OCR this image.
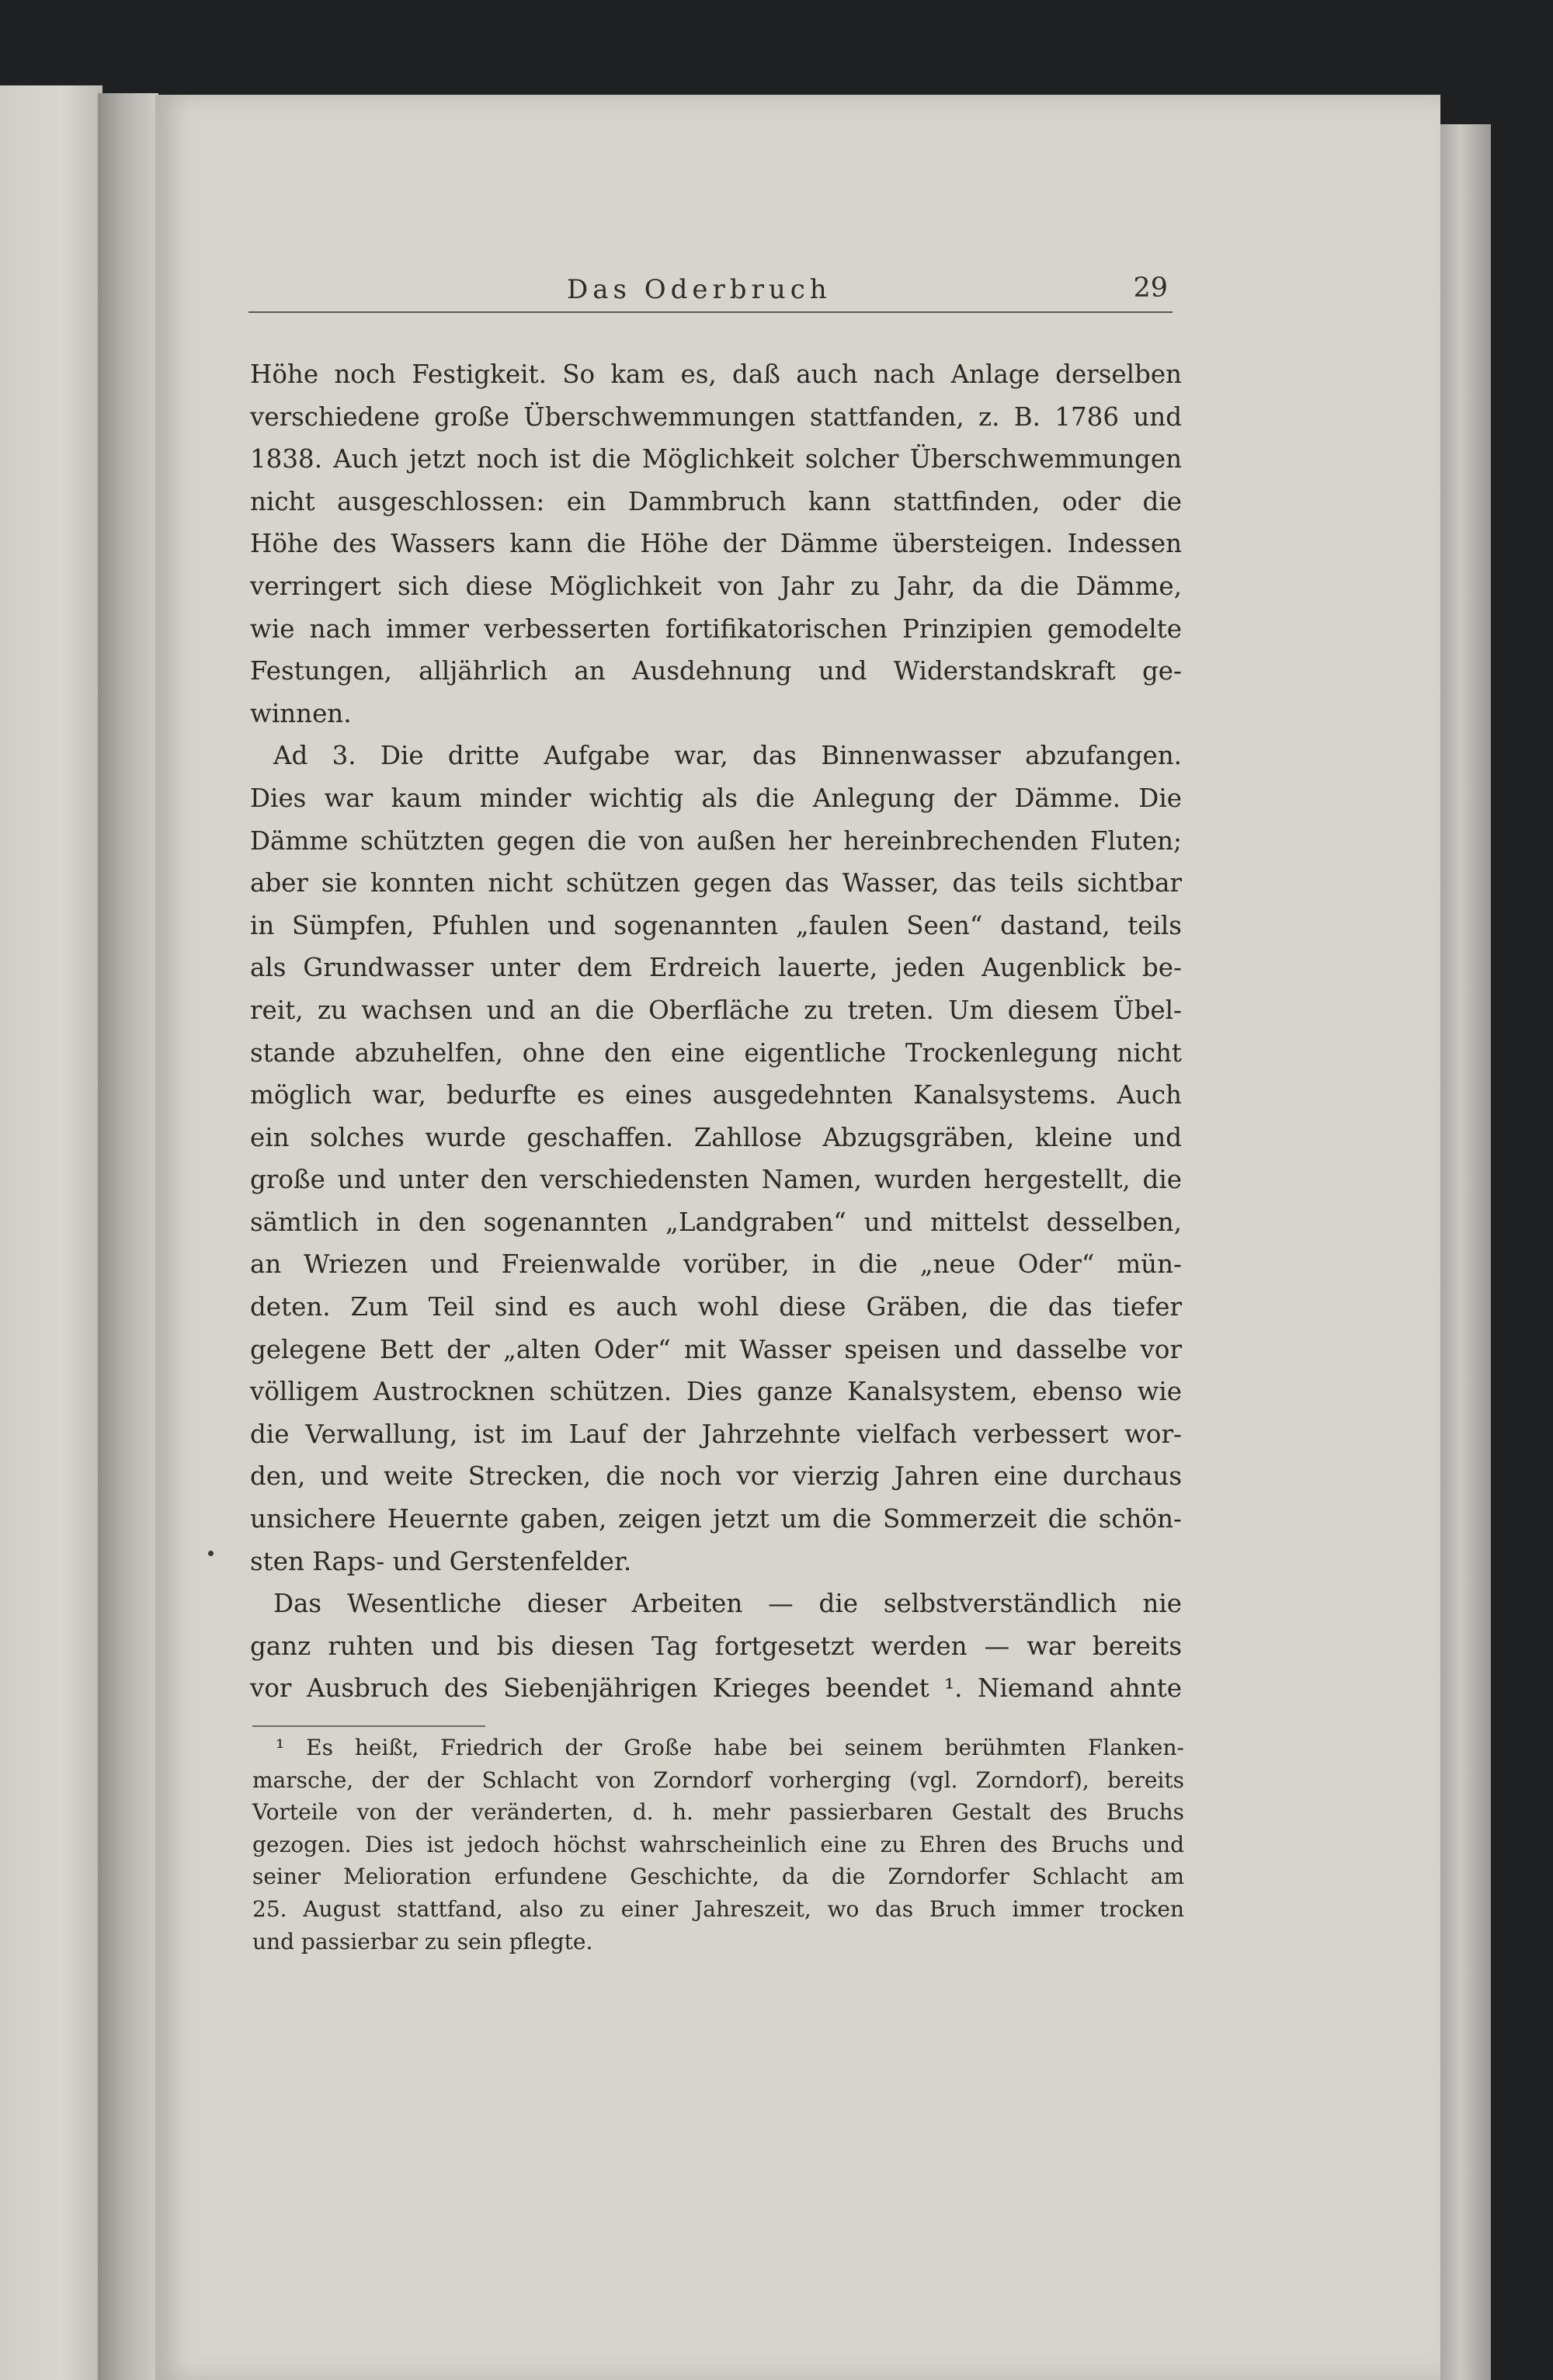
Das Oderbruch	29
Höhe noch Festigkeit. So kam es, daß auch nach Anlage derselben
verschiedene große Überschwemmungen stattfanden, z. B. 1786 und
1838. Auch jetzt noch ist die Möglichkeit solcher Überschwemmungen
nicht ausgeschlossen: ein Dammbruch kann stattfinden, oder die
Höhe des Wassers kann die Höhe der Dämme übersteigen. Indessen
verringert sich diese Möglichkeit von Jahr zu Jahr, da die Dämme,
wie nach immer verbesserten fortifikatorischen Prinzipien gemodelte
Festungen, alljährlich an Ausdehnung und Widerstandskraft ge-
winnen.
Ad 3. Die dritte Aufgabe war, das Binnenwasser abzufangen.
Dies war kaum minder wichtig als die Anlegung der Dämme. Die
Dämme schützten gegen die von außen her hereinbrechenden Fluten;
aber sie konnten nicht schützen gegen das Wasser, das teils sichtbar
in Sümpfen, Pfuhlen und sogenannten „faulen Seen“ dastand, teils
als Grundwasser unter dem Erdreich lauerte, jeden Augenblick be-
reit, zu wachsen und an die Oberfläche zu treten. Um diesem Übel-
stande abzuhelfen, ohne den eine eigentliche Trockenlegung nicht
möglich war, bedurfte es eines ausgedehnten Kanalsystems. Auch
ein solches wurde geschaffen. Zahllose Abzugsgräben, kleine und
große und unter den verschiedensten Namen, wurden hergestellt, die
sämtlich in den sogenannten „Landgraben“ und mittelst desselben,
an Wriezen und Freienwalde vorüber, in die „neue Oder“ mün-
deten. Zum Teil sind es auch wohl diese Gräben, die das tiefer
gelegene Bett der „alten Oder“ mit Wasser speisen und dasselbe vor
völligem Austrocknen schützen. Dies ganze Kanalsystem, ebenso wie
die Verwallung, ist im Lauf der Jahrzehnte vielfach verbessert wor-
den, und weite Strecken, die noch vor vierzig Jahren eine durchaus
unsichere Heuernte gaben, zeigen jetzt um die Sommerzeit die schön-
sten Raps- und Gerstenfelder.
Das Wesentliche dieser Arbeiten — die selbstverständlich nie
ganz ruhten und bis diesen Tag fortgesetzt werden — war bereits
vor Ausbruch des Siebenjährigen Krieges beendet ¹. Niemand ahnte
¹ Es heißt, Friedrich der Große habe bei seinem berühmten Flanken-
marsche, der der Schlacht von Zorndorf vorherging (vgl. Zorndorf), bereits
Vorteile von der veränderten, d. h. mehr passierbaren Gestalt des Bruchs
gezogen. Dies ist jedoch höchst wahrscheinlich eine zu Ehren des Bruchs und
seiner Melioration erfundene Geschichte, da die Zorndorfer Schlacht am
25. August stattfand, also zu einer Jahreszeit, wo das Bruch immer trocken
und passierbar zu sein pflegte.
